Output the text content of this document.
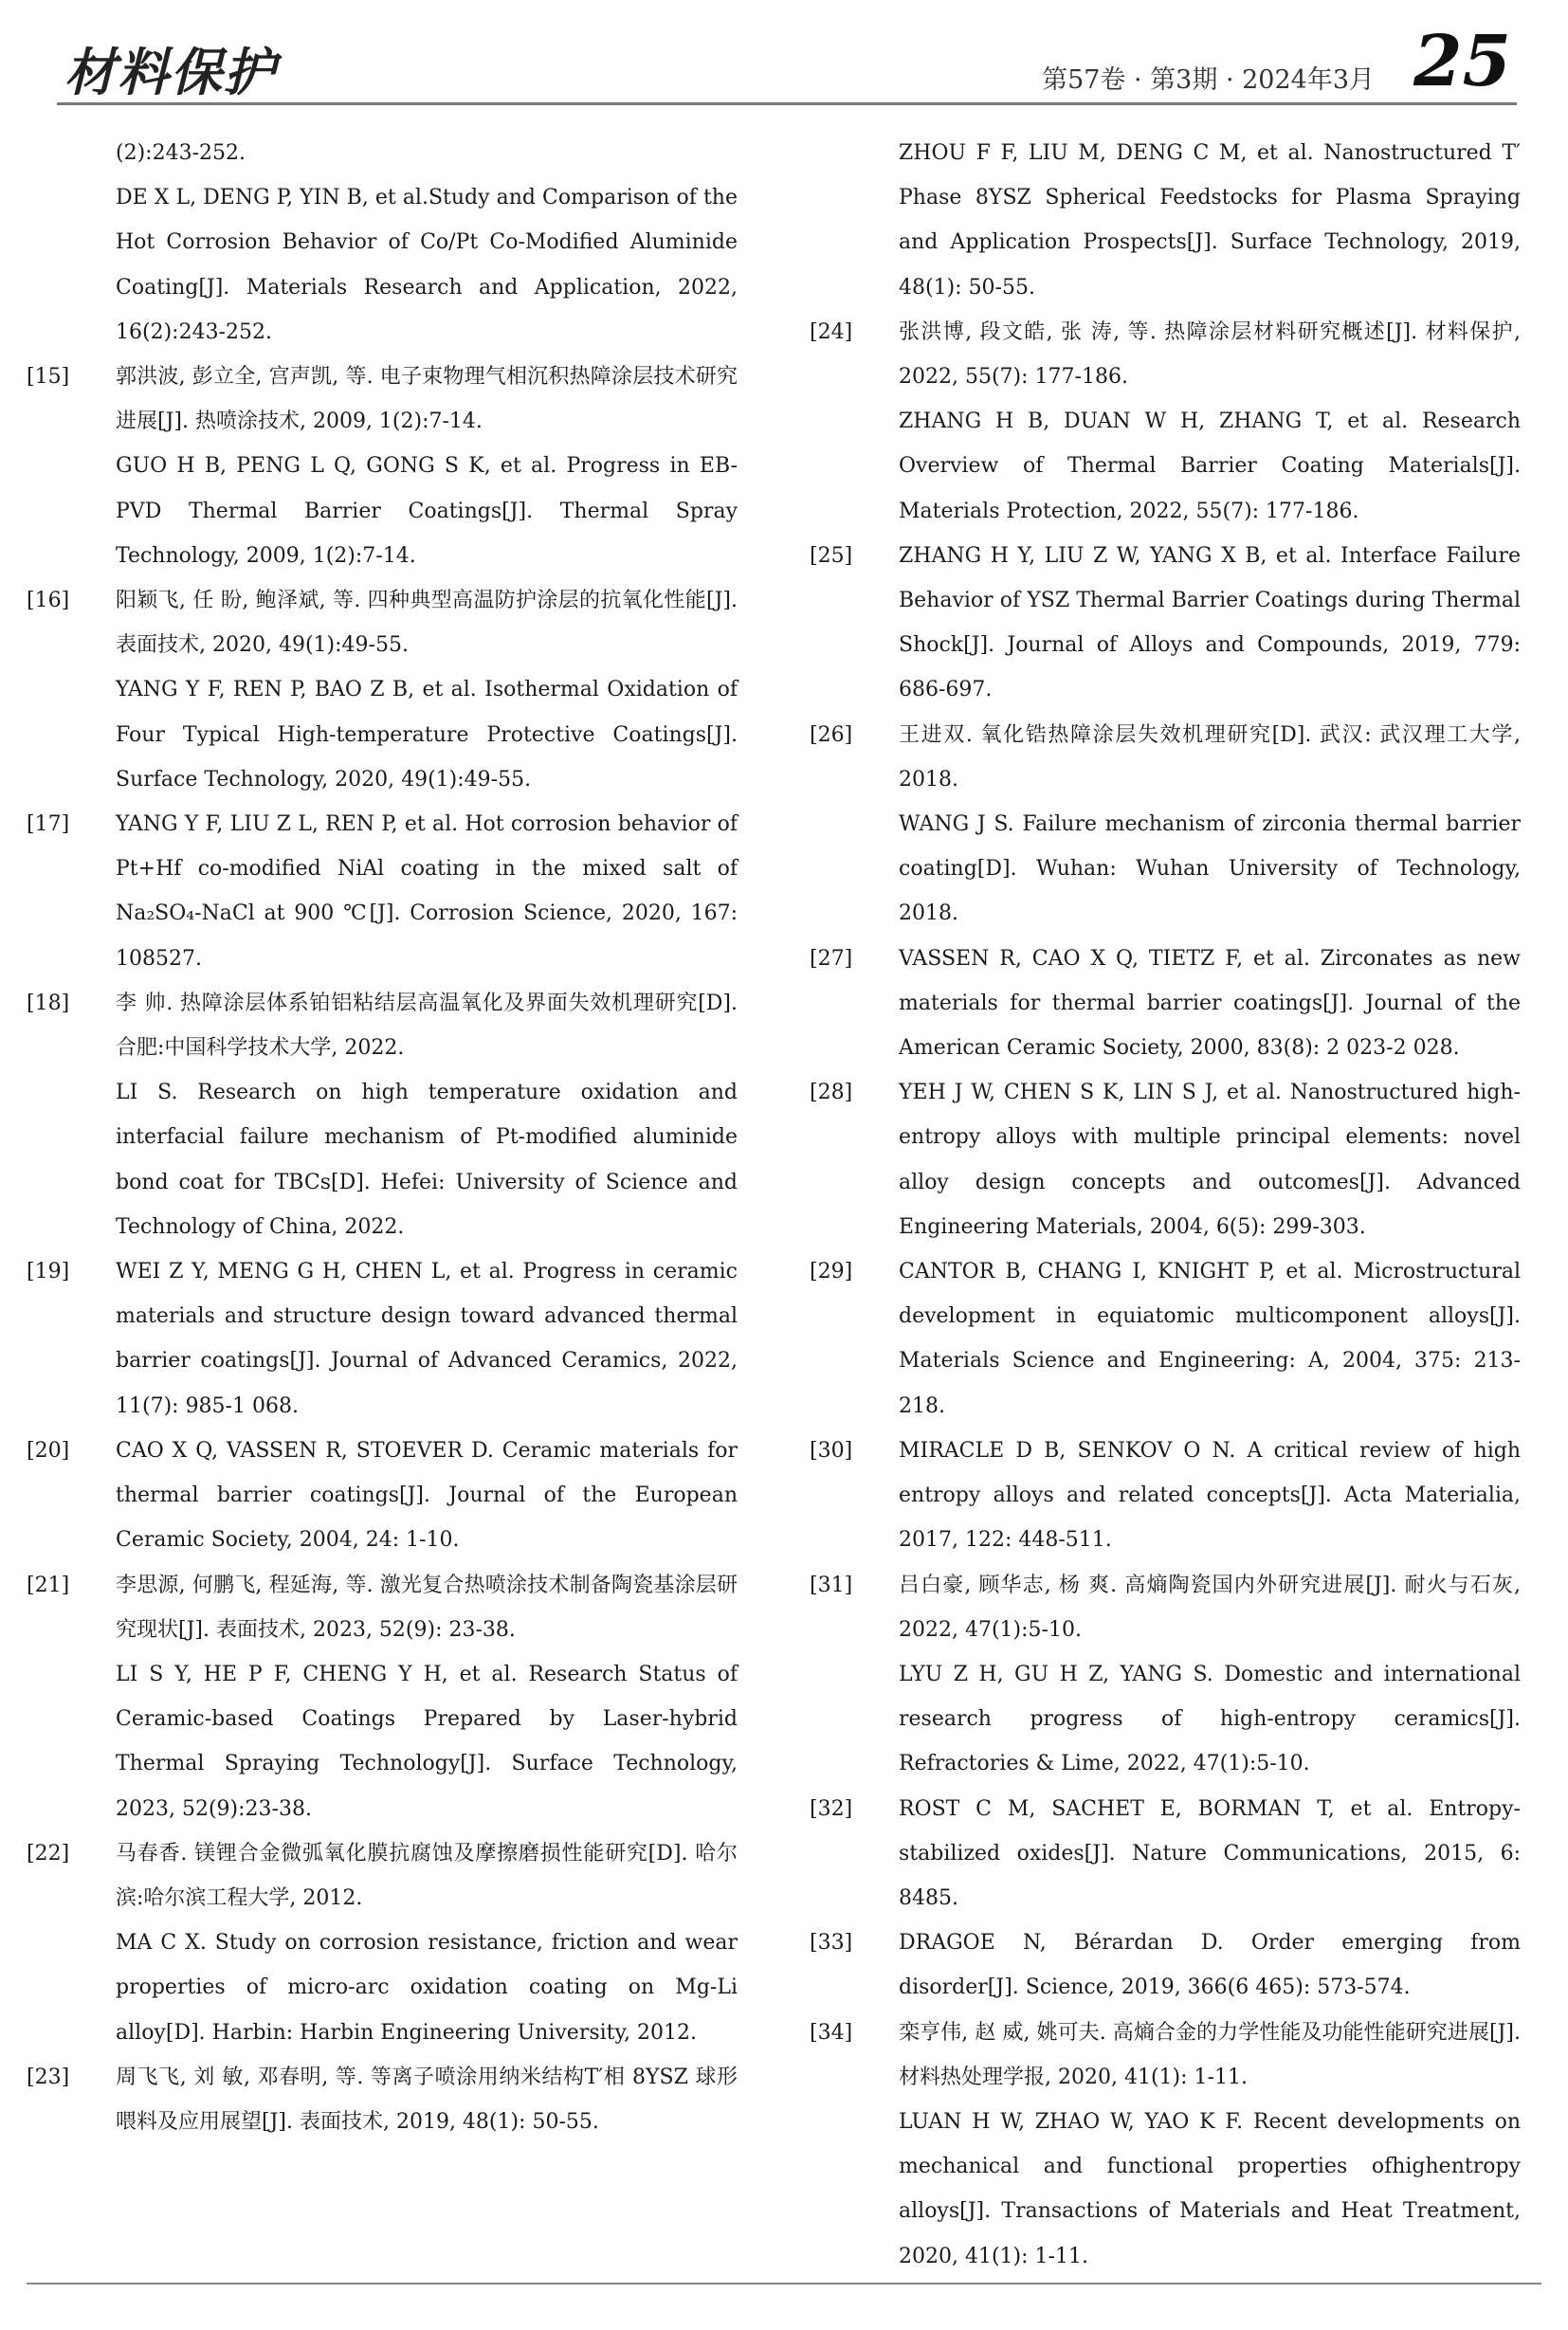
材料保护	第57卷 · 第3期 · 2024年3月 25

(2):243-252.

DE X L, DENG P, YIN B, et al.Study and Comparison of the Hot Corrosion Behavior of Co/Pt Co-Modified Aluminide Coating[J]. Materials Research and Application, 2022, 16(2):243-252.

[15]	郭洪波, 彭立全, 宫声凯, 等. 电子束物理气相沉积热障涂层技术研究进展[J]. 热喷涂技术, 2009, 1(2):7-14.

GUO H B, PENG L Q, GONG S K, et al. Progress in EB-PVD Thermal Barrier Coatings[J]. Thermal Spray Technology, 2009, 1(2):7-14.

[16]	阳颖飞, 任 盼, 鲍泽斌, 等. 四种典型高温防护涂层的抗氧化性能[J]. 表面技术, 2020, 49(1):49-55.

YANG Y F, REN P, BAO Z B, et al. Isothermal Oxidation of Four Typical High-temperature Protective Coatings[J]. Surface Technology, 2020, 49(1):49-55.

[17]	YANG Y F, LIU Z L, REN P, et al. Hot corrosion behavior of Pt+Hf co-modified NiAl coating in the mixed salt of Na₂SO₄-NaCl at 900 ℃[J]. Corrosion Science, 2020, 167: 108527.

[18]	李 帅. 热障涂层体系铂铝粘结层高温氧化及界面失效机理研究[D]. 合肥:中国科学技术大学, 2022.

LI S. Research on high temperature oxidation and interfacial failure mechanism of Pt-modified aluminide bond coat for TBCs[D]. Hefei: University of Science and Technology of China, 2022.

[19]	WEI Z Y, MENG G H, CHEN L, et al. Progress in ceramic materials and structure design toward advanced thermal barrier coatings[J]. Journal of Advanced Ceramics, 2022, 11(7): 985-1 068.

[20]	CAO X Q, VASSEN R, STOEVER D. Ceramic materials for thermal barrier coatings[J]. Journal of the European Ceramic Society, 2004, 24: 1-10.

[21]	李思源, 何鹏飞, 程延海, 等. 激光复合热喷涂技术制备陶瓷基涂层研究现状[J]. 表面技术, 2023, 52(9): 23-38.

LI S Y, HE P F, CHENG Y H, et al. Research Status of Ceramic-based Coatings Prepared by Laser-hybrid Thermal Spraying Technology[J]. Surface Technology, 2023, 52(9):23-38.

[22]	马春香. 镁锂合金微弧氧化膜抗腐蚀及摩擦磨损性能研究[D]. 哈尔滨:哈尔滨工程大学, 2012.

MA C X. Study on corrosion resistance, friction and wear properties of micro-arc oxidation coating on Mg-Li alloy[D]. Harbin: Harbin Engineering University, 2012.

[23]	周飞飞, 刘 敏, 邓春明, 等. 等离子喷涂用纳米结构T′相 8YSZ 球形喂料及应用展望[J]. 表面技术, 2019, 48(1): 50-55.

ZHOU F F, LIU M, DENG C M, et al. Nanostructured T′ Phase 8YSZ Spherical Feedstocks for Plasma Spraying and Application Prospects[J]. Surface Technology, 2019, 48(1): 50-55.

[24]	张洪博, 段文皓, 张 涛, 等. 热障涂层材料研究概述[J]. 材料保护, 2022, 55(7): 177-186.

ZHANG H B, DUAN W H, ZHANG T, et al. Research Overview of Thermal Barrier Coating Materials[J]. Materials Protection, 2022, 55(7): 177-186.

[25]	ZHANG H Y, LIU Z W, YANG X B, et al. Interface Failure Behavior of YSZ Thermal Barrier Coatings during Thermal Shock[J]. Journal of Alloys and Compounds, 2019, 779: 686-697.

[26]	王进双. 氧化锆热障涂层失效机理研究[D]. 武汉: 武汉理工大学, 2018.

WANG J S. Failure mechanism of zirconia thermal barrier coating[D]. Wuhan: Wuhan University of Technology, 2018.

[27]	VASSEN R, CAO X Q, TIETZ F, et al. Zirconates as new materials for thermal barrier coatings[J]. Journal of the American Ceramic Society, 2000, 83(8): 2 023-2 028.

[28]	YEH J W, CHEN S K, LIN S J, et al. Nanostructured high-entropy alloys with multiple principal elements: novel alloy design concepts and outcomes[J]. Advanced Engineering Materials, 2004, 6(5): 299-303.

[29]	CANTOR B, CHANG I, KNIGHT P, et al. Microstructural development in equiatomic multicomponent alloys[J]. Materials Science and Engineering: A, 2004, 375: 213-218.

[30]	MIRACLE D B, SENKOV O N. A critical review of high entropy alloys and related concepts[J]. Acta Materialia, 2017, 122: 448-511.

[31]	吕白豪, 顾华志, 杨 爽. 高熵陶瓷国内外研究进展[J]. 耐火与石灰, 2022, 47(1):5-10.

LYU Z H, GU H Z, YANG S. Domestic and international research progress of high-entropy ceramics[J]. Refractories & Lime, 2022, 47(1):5-10.

[32]	ROST C M, SACHET E, BORMAN T, et al. Entropy-stabilized oxides[J]. Nature Communications, 2015, 6: 8485.

[33]	DRAGOE N, Bérardan D. Order emerging from disorder[J]. Science, 2019, 366(6 465): 573-574.

[34]	栾亨伟, 赵 威, 姚可夫. 高熵合金的力学性能及功能性能研究进展[J]. 材料热处理学报, 2020, 41(1): 1-11.

LUAN H W, ZHAO W, YAO K F. Recent developments on mechanical and functional properties ofhighentropy alloys[J]. Transactions of Materials and Heat Treatment, 2020, 41(1): 1-11.
